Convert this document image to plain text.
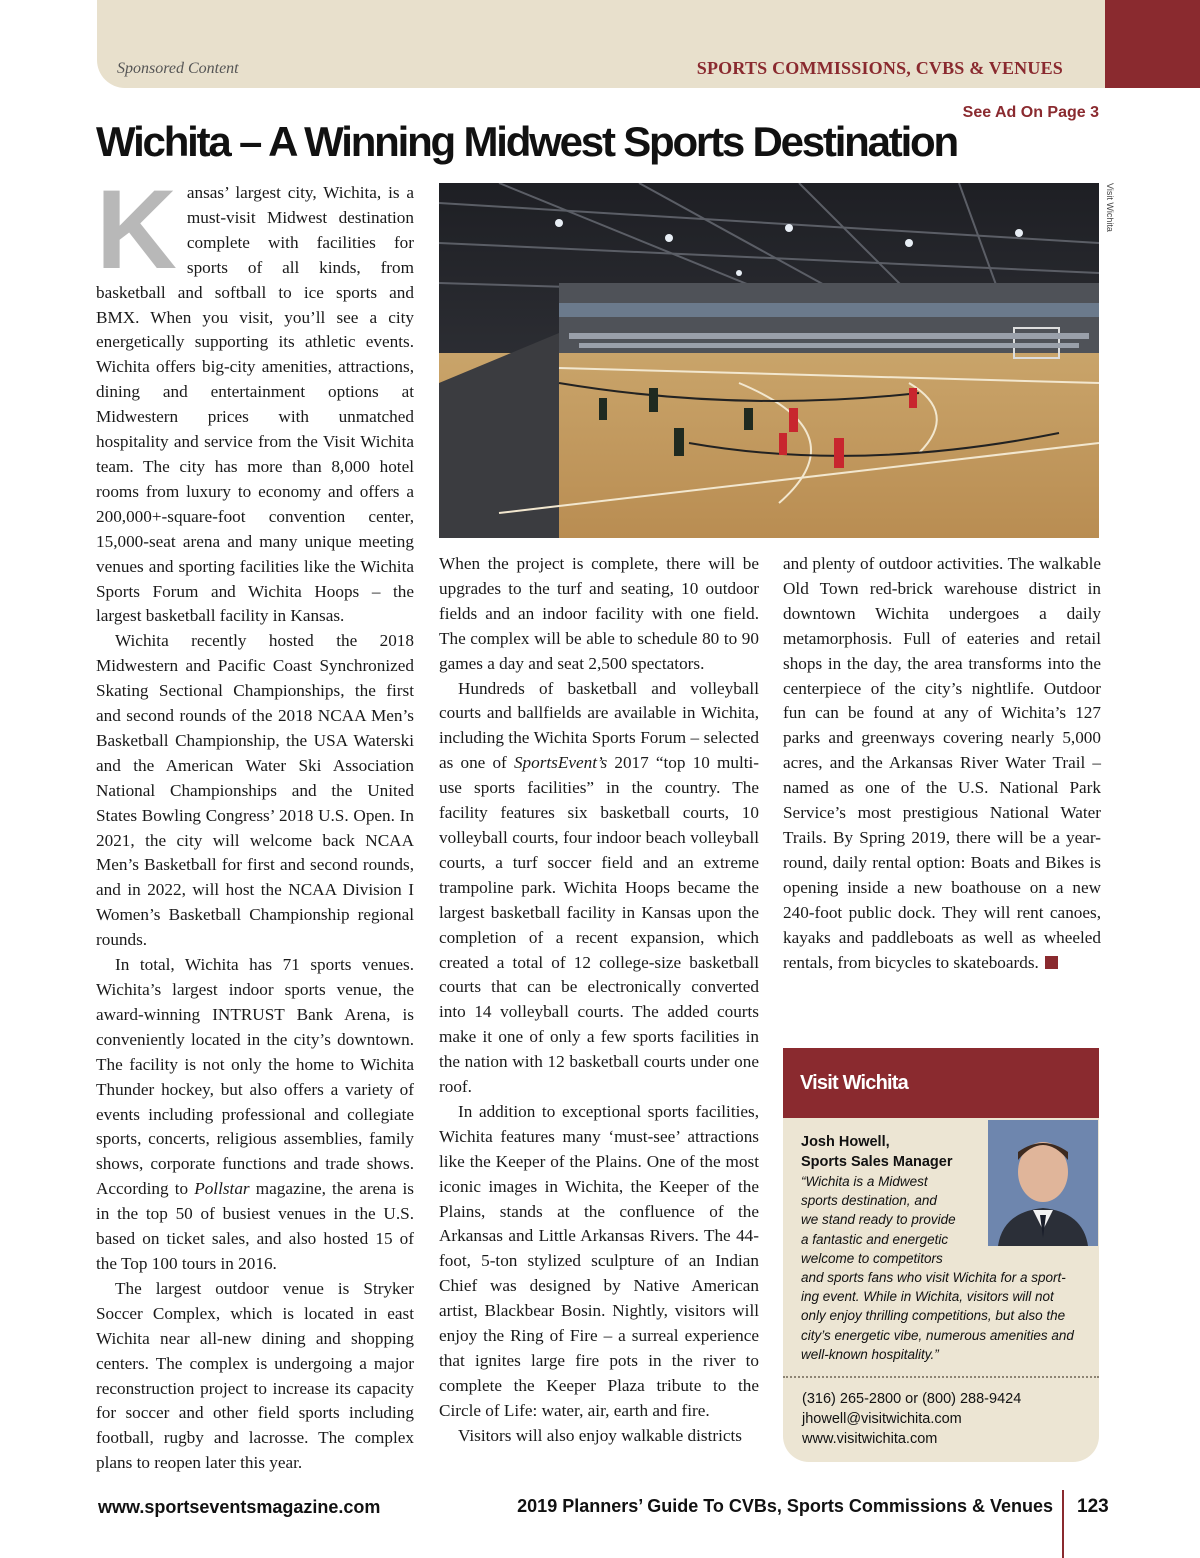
Sponsored Content	SPORTS COMMISSIONS, CVBS & VENUES
See Ad On Page 3
Wichita – A Winning Midwest Sports Destination

Kansas’ largest city, Wichita, is a must-visit Midwest destination complete with facilities for sports of all kinds, from basketball and softball to ice sports and BMX. When you visit, you’ll see a city energetically supporting its athletic events. Wichita offers big-city amenities, attractions, dining and entertainment options at Midwestern prices with unmatched hospitality and service from the Visit Wichita team. The city has more than 8,000 hotel rooms from luxury to economy and offers a 200,000+-square-foot convention center, 15,000-seat arena and many unique meeting venues and sporting facilities like the Wichita Sports Forum and Wichita Hoops – the largest basketball facility in Kansas.

Wichita recently hosted the 2018 Midwestern and Pacific Coast Synchronized Skating Sectional Championships, the first and second rounds of the 2018 NCAA Men’s Basketball Championship, the USA Waterski and the American Water Ski Association National Championships and the United States Bowling Congress’ 2018 U.S. Open. In 2021, the city will welcome back NCAA Men’s Basketball for first and second rounds, and in 2022, will host the NCAA Division I Women’s Basketball Championship regional rounds.

In total, Wichita has 71 sports venues. Wichita’s largest indoor sports venue, the award-winning INTRUST Bank Arena, is conveniently located in the city’s downtown. The facility is not only the home to Wichita Thunder hockey, but also offers a variety of events including professional and collegiate sports, concerts, religious assemblies, family shows, corporate functions and trade shows. According to Pollstar magazine, the arena is in the top 50 of busiest venues in the U.S. based on ticket sales, and also hosted 15 of the Top 100 tours in 2016.

The largest outdoor venue is Stryker Soccer Complex, which is located in east Wichita near all-new dining and shopping centers. The complex is undergoing a major reconstruction project to increase its capacity for soccer and other field sports including football, rugby and lacrosse. The complex plans to reopen later this year.

Visit Wichita

When the project is complete, there will be upgrades to the turf and seating, 10 outdoor fields and an indoor facility with one field. The complex will be able to schedule 80 to 90 games a day and seat 2,500 spectators.

Hundreds of basketball and volleyball courts and ballfields are available in Wichita, including the Wichita Sports Forum – selected as one of SportsEvent’s 2017 “top 10 multi-use sports facilities” in the country. The facility features six basketball courts, 10 volleyball courts, four indoor beach volleyball courts, a turf soccer field and an extreme trampoline park. Wichita Hoops became the largest basketball facility in Kansas upon the completion of a recent expansion, which created a total of 12 college-size basketball courts that can be electronically converted into 14 volleyball courts. The added courts make it one of only a few sports facilities in the nation with 12 basketball courts under one roof.

In addition to exceptional sports facilities, Wichita features many ‘must-see’ attractions like the Keeper of the Plains. One of the most iconic images in Wichita, the Keeper of the Plains, stands at the confluence of the Arkansas and Little Arkansas Rivers. The 44-foot, 5-ton stylized sculpture of an Indian Chief was designed by Native American artist, Blackbear Bosin. Nightly, visitors will enjoy the Ring of Fire – a surreal experience that ignites large fire pots in the river to complete the Keeper Plaza tribute to the Circle of Life: water, air, earth and fire.

Visitors will also enjoy walkable districts

and plenty of outdoor activities. The walkable Old Town red-brick warehouse district in downtown Wichita undergoes a daily metamorphosis. Full of eateries and retail shops in the day, the area transforms into the centerpiece of the city’s nightlife. Outdoor fun can be found at any of Wichita’s 127 parks and greenways covering nearly 5,000 acres, and the Arkansas River Water Trail – named as one of the U.S. National Park Service’s most prestigious National Water Trails. By Spring 2019, there will be a year-round, daily rental option: Boats and Bikes is opening inside a new boathouse on a new 240-foot public dock. They will rent canoes, kayaks and paddleboats as well as wheeled rentals, from bicycles to skateboards.

Visit Wichita
Josh Howell,
Sports Sales Manager
“Wichita is a Midwest
sports destination, and
we stand ready to provide
a fantastic and energetic
welcome to competitors
and sports fans who visit Wichita for a sport-
ing event. While in Wichita, visitors will not
only enjoy thrilling competitions, but also the
city’s energetic vibe, numerous amenities and
well-known hospitality.”
(316) 265-2800 or (800) 288-9424
jhowell@visitwichita.com
www.visitwichita.com
www.sportseventsmagazine.com	2019 Planners’ Guide To CVBs, Sports Commissions & Venues 123
